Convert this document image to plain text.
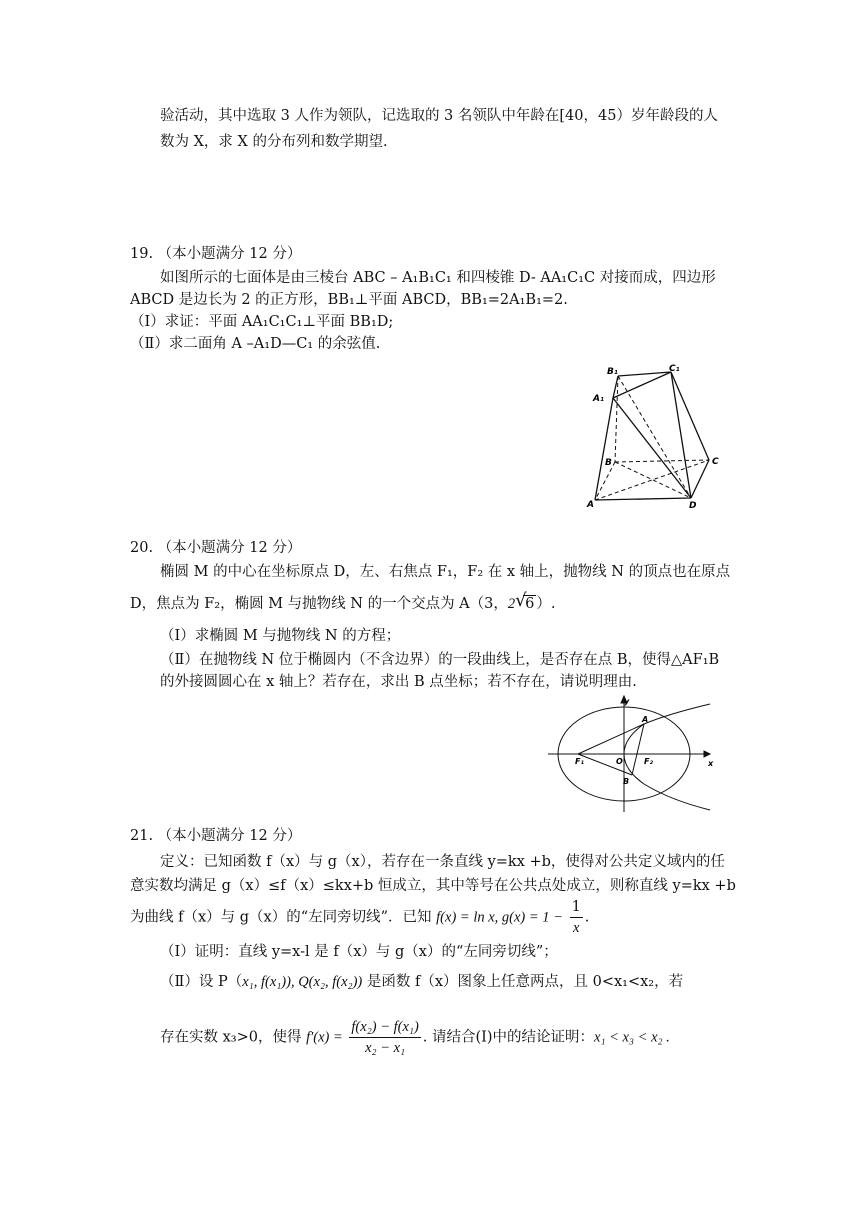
验活动，其中选取 3 人作为领队，记选取的 3 名领队中年龄在[40，45）岁年龄段的人
数为 X，求 X 的分布列和数学期望.
19. （本小题满分 12 分）
如图所示的七面体是由三棱台 ABC – A₁B₁C₁ 和四棱锥 D- AA₁C₁C 对接而成，四边形
ABCD 是边长为 2 的正方形，BB₁⊥平面 ABCD，BB₁=2A₁B₁=2.
（I）求证：平面 AA₁C₁C₁⊥平面 BB₁D;
（Ⅱ）求二面角 A –A₁D—C₁ 的余弦值.
B₁	C₁
A₁
B	C
A	D
20. （本小题满分 12 分）
椭圆 M 的中心在坐标原点 D，左、右焦点 F₁，F₂ 在 x 轴上，抛物线 N 的顶点也在原点
D，焦点为 F₂，椭圆 M 与抛物线 N 的一个交点为 A（3，2 √
6 ）.
（I）求椭圆 M 与抛物线 N 的方程；
（Ⅱ）在抛物线 N 位于椭圆内（不含边界）的一段曲线上，是否存在点 B，使得△AF₁B
的外接圆圆心在 x 轴上？若存在，求出 B 点坐标；若不存在，请说明理由.
y
x
A
B
F₁	F₂
O
21. （本小题满分 12 分）
定义：已知函数 f（x）与 g（x），若存在一条直线 y=kx +b，使得对公共定义域内的任
意实数均满足 g（x）≤f（x）≤kx+b 恒成立，其中等号在公共点处成立，则称直线 y=kx +b
为曲线 f（x）与 g（x）的“左同旁切线”．已知 f(x) = ln x, $g(x) = 1 - \frac{1}{x}$ .
（I）证明：直线 y=x-l 是 f（x）与 g（x）的“左同旁切线”；
（Ⅱ）设 P（x₁, f(x₁)), Q(x₂, f(x₂)) 是函数 f（x）图象上任意两点，且 0<x₁<x₂，若
存在实数 x₃>0，使得 $f'(x) = \frac{\text{f(x₂) − f(x₁)}}{\text{x₂ − x₁}}$ . 请结合(I)中的结论证明：x₁ < x₃ < x₂ .
